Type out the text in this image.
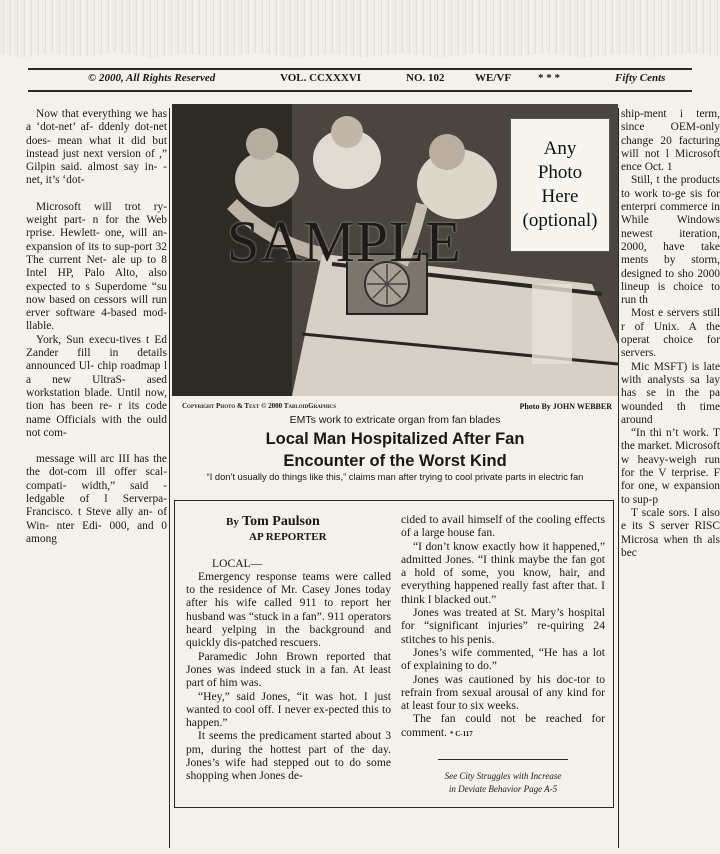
© 2000, All Rights Reserved	VOL. CCXXXVI	NO. 102	WE/VF * * *	Fifty Cents

Now that everything we has a ‘dot-net’ af- ddenly dot-net does- mean what it did but instead just next version of ,” Gilpin said. almost say in- -net, it’s ‘dot-

Microsoft will trot ry-weight part- n for the Web rprise. Hewlett- one, will an- expansion of its to sup-port 32 The current Net- ale up to 8 Intel HP, Palo Alto, also expected to s Superdome “su now based on cessors will run erver software 4-based mod- llable.

York, Sun execu-tives t Ed Zander fill in details announced Ul- chip roadmap l a new UltraS- ased workstation blade. Until now, tion has been re- r its code name Officials with the ould not com-

message will arc III has the the dot-com ill offer scal- compati- width,” said -ledgable of l Serverpa- Francisco. t Steve ally an- of Win- nter Edi- 000, and 0 among

ship-ment i term, since OEM-only change 20 facturing will not l Microsoft ence Oct. 1

Still, t the products to work to-ge sis for enterpri commerce in While Windows newest iteration, 2000, have take ments by storm, designed to sho 2000 lineup is choice to run th

Most e servers still r of Unix. A the operat choice for servers.

Mic MSFT) is late with analysts sa lay has se in the pa wounded th time around

“In thi n’t work. T the market. Microsoft w heavy-weigh run for the V terprise. F for one, w expansion to sup-p

T scale sors. I also e its S server RISC Microsa when th als bec

SAMPLE
Any
Photo
Here
(optional)
Copyright Photo & Text © 2000 TabloidGraphics	Photo By JOHN WEBBER
EMTs work to extricate organ from fan blades
Local Man Hospitalized After Fan
Encounter of the Worst Kind
“I don’t usually do things like this,” claims man after trying to cool private parts in electric fan
By Tom Paulson
AP REPORTER

LOCAL—

Emergency response teams were called to the residence of Mr. Casey Jones today after his wife called 911 to report her husband was “stuck in a fan”. 911 operators heard yelping in the background and quickly dis-patched rescuers.

Paramedic John Brown reported that Jones was indeed stuck in a fan. At least part of him was.

“Hey,” said Jones, “it was hot. I just wanted to cool off. I never ex-pected this to happen.”

It seems the predicament started about 3 pm, during the hottest part of the day. Jones’s wife had stepped out to do some shopping when Jones de-

cided to avail himself of the cooling effects of a large house fan.

“I don’t know exactly how it happened,” admitted Jones. “I think maybe the fan got a hold of some, you know, hair, and everything happened really fast after that. I think I blacked out.”

Jones was treated at St. Mary’s hospital for “significant injuries” re-quiring 24 stitches to his penis.

Jones’s wife commented, “He has a lot of explaining to do.”

Jones was cautioned by his doc-tor to refrain from sexual arousal of any kind for at least four to six weeks.

The fan could not be reached for comment. * C-117

See City Struggles with Increase
in Deviate Behavior Page A-5
